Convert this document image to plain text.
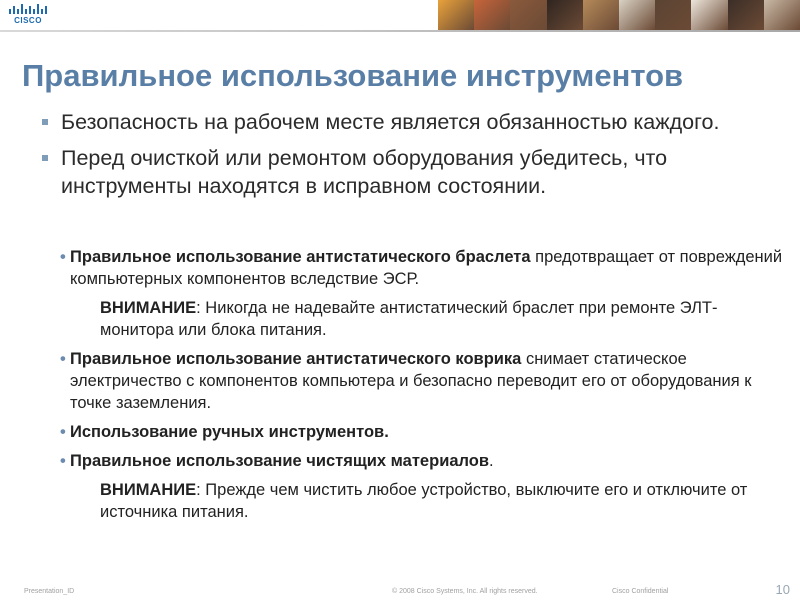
CISCO
Правильное использование инструментов
Безопасность на рабочем месте является обязанностью каждого.
Перед очисткой или ремонтом оборудования убедитесь, что инструменты находятся в исправном состоянии.
• Правильное использование антистатического браслета предотвращает от повреждений компьютерных компонентов вследствие ЭСР.
ВНИМАНИЕ: Никогда не надевайте антистатический браслет при ремонте ЭЛТ-монитора или блока питания.
• Правильное использование антистатического коврика снимает статическое электричество с компонентов компьютера и безопасно переводит его от оборудования к точке заземления.
• Использование ручных инструментов.
• Правильное использование чистящих материалов.
ВНИМАНИЕ: Прежде чем чистить любое устройство, выключите его и отключите от источника питания.
Presentation_ID	© 2008 Cisco Systems, Inc. All rights reserved.	Cisco Confidential	10
